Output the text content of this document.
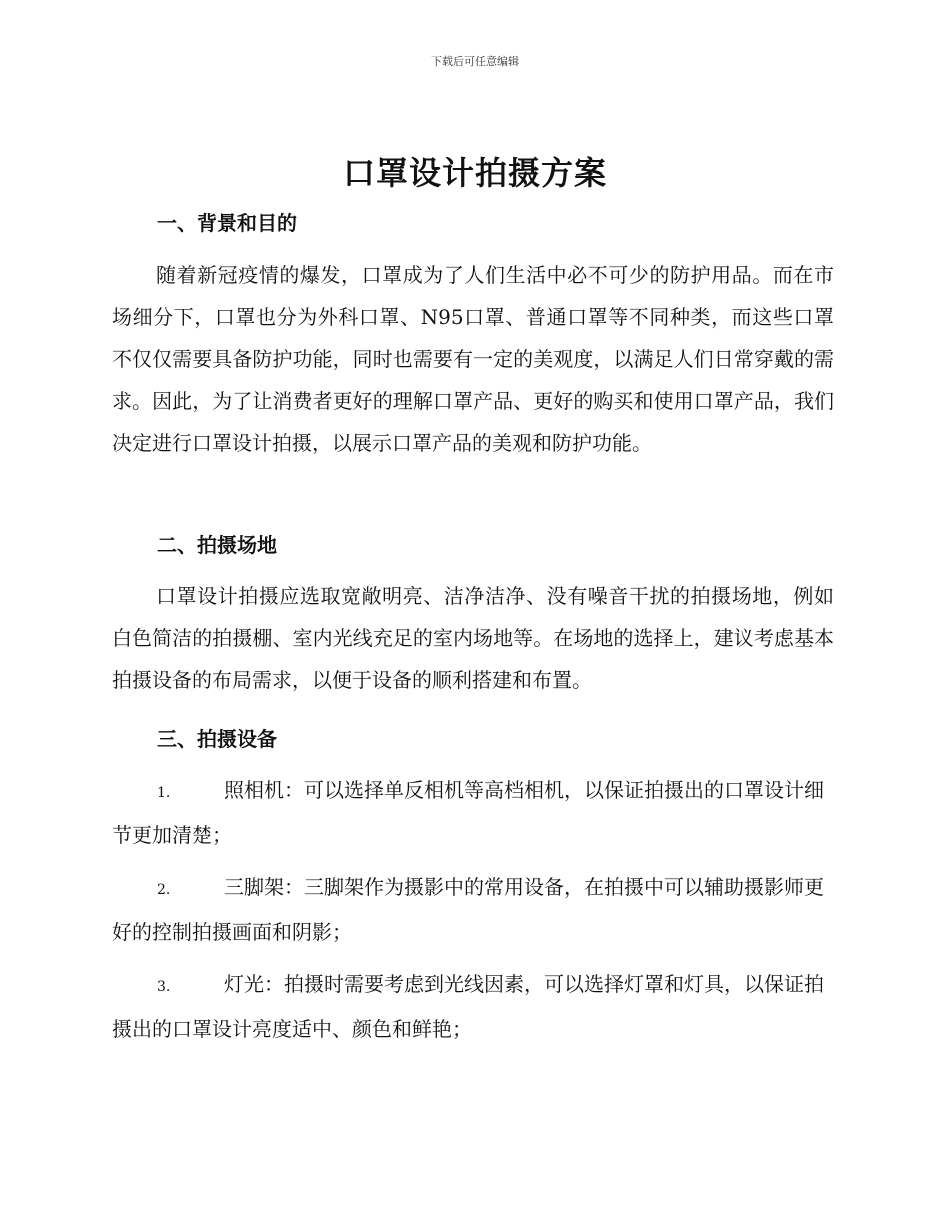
下载后可任意编辑
口罩设计拍摄方案
一、背景和目的
随着新冠疫情的爆发，口罩成为了人们生活中必不可少的防护用品。而在市场细分下，口罩也分为外科口罩、N95口罩、普通口罩等不同种类，而这些口罩不仅仅需要具备防护功能，同时也需要有一定的美观度，以满足人们日常穿戴的需求。因此，为了让消费者更好的理解口罩产品、更好的购买和使用口罩产品，我们决定进行口罩设计拍摄，以展示口罩产品的美观和防护功能。
二、拍摄场地
口罩设计拍摄应选取宽敞明亮、洁净洁净、没有噪音干扰的拍摄场地，例如白色简洁的拍摄棚、室内光线充足的室内场地等。在场地的选择上，建议考虑基本拍摄设备的布局需求，以便于设备的顺利搭建和布置。
三、拍摄设备
1.	照相机：可以选择单反相机等高档相机，以保证拍摄出的口罩设计细节更加清楚；
2.	三脚架：三脚架作为摄影中的常用设备，在拍摄中可以辅助摄影师更好的控制拍摄画面和阴影；
3.	灯光：拍摄时需要考虑到光线因素，可以选择灯罩和灯具，以保证拍摄出的口罩设计亮度适中、颜色和鲜艳；
